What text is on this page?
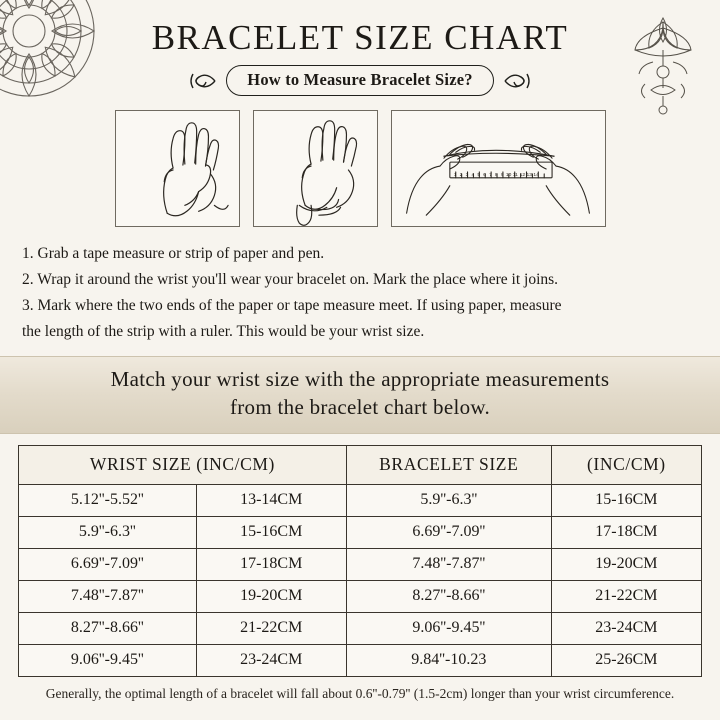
BRACELET SIZE CHART
How to Measure Bracelet Size?
1 2 3 4 5 6 7 8 9 10 11 12 13 14
1. Grab a tape measure or strip of paper and pen.
2. Wrap it around the wrist you'll wear your bracelet on. Mark the place where it joins.
3. Mark where the two ends of the paper or tape measure meet. If using paper, measure
the length of the strip with a ruler. This would be your wrist size.
Match your wrist size with the appropriate measurements
from the bracelet chart below.
WRIST SIZE (INC/CM)		BRACELET SIZE	(INC/CM)
5.12''-5.52''	13-14CM	5.9''-6.3''	15-16CM
5.9''-6.3''	15-16CM	6.69''-7.09''	17-18CM
6.69''-7.09''	17-18CM	7.48''-7.87''	19-20CM
7.48''-7.87''	19-20CM	8.27''-8.66''	21-22CM
8.27''-8.66''	21-22CM	9.06''-9.45''	23-24CM
9.06''-9.45''	23-24CM	9.84''-10.23	25-26CM
Generally, the optimal length of a bracelet will fall about 0.6''-0.79'' (1.5-2cm) longer than your wrist circumference.
